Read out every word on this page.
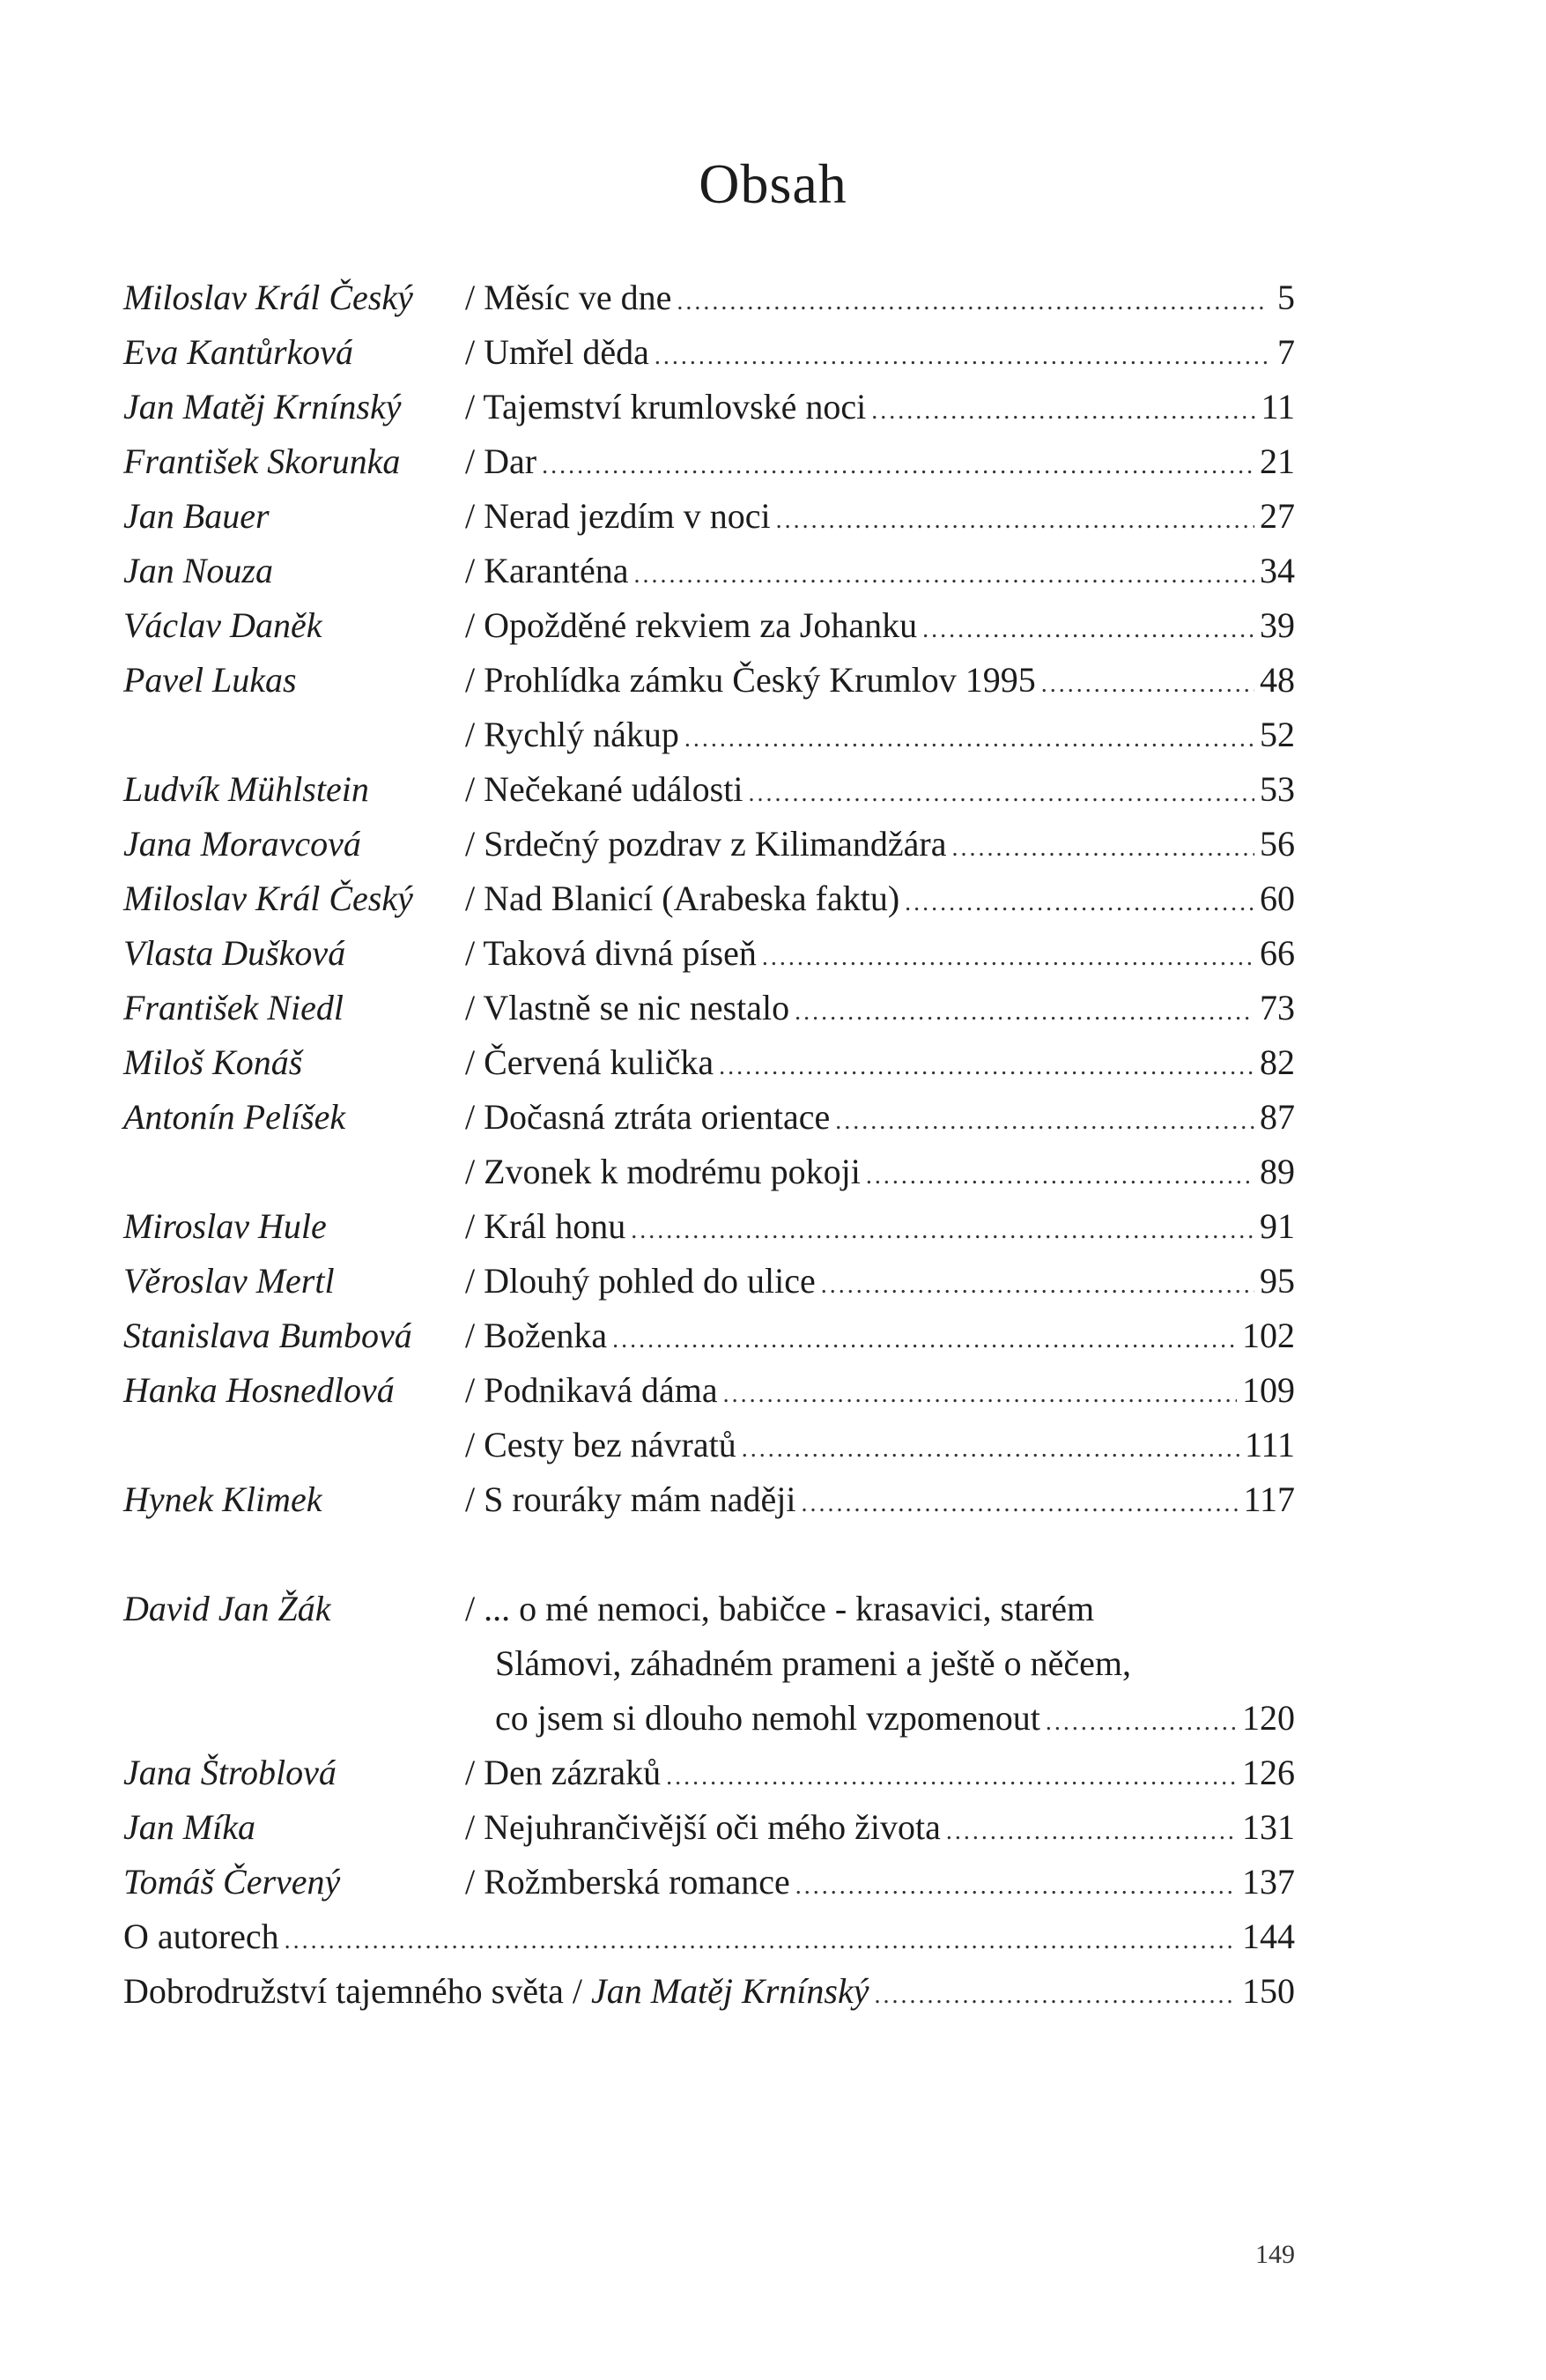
Obsah
Miloslav Král Český / Měsíc ve dne .....	5
Eva Kantůrková	/ Umřel děda .....	7
Jan Matěj Krnínský / Tajemství krumlovské noci .....	11
František Skorunka / Dar .....	21
Jan Bauer	/ Nerad jezdím v noci .....	27
Jan Nouza	/ Karanténa .....	34
Václav Daněk	/ Opožděné rekviem za Johanku .....	39
Pavel Lukas	/ Prohlídka zámku Český Krumlov 1995 .....	48
/ Rychlý nákup .....	52
Ludvík Mühlstein	/ Nečekané události .....	53
Jana Moravcová	/ Srdečný pozdrav z Kilimandžára .....	56
Miloslav Král Český / Nad Blanicí (Arabeska faktu) .....	60
Vlasta Dušková	/ Taková divná píseň .....	66
František Niedl	/ Vlastně se nic nestalo .....	73
Miloš Konáš	/ Červená kulička .....	82
Antonín Pelíšek	/ Dočasná ztráta orientace .....	87
/ Zvonek k modrému pokoji .....	89
Miroslav Hule	/ Král honu .....	91
Věroslav Mertl	/ Dlouhý pohled do ulice .....	95
Stanislava Bumbová / Boženka .....	102
Hanka Hosnedlová / Podnikavá dáma .....	109
/ Cesty bez návratů .....	111
Hynek Klimek	/ S rouráky mám naději .....	117
David Jan Žák	/ ... o mé nemoci, babičce - krasavici, starém
Slámovi, záhadném prameni a ještě o něčem,
co jsem si dlouho nemohl vzpomenout .....	120
Jana Štroblová	/ Den zázraků .....	126
Jan Míka	/ Nejuhrančivější oči mého života .....	131
Tomáš Červený	/ Rožmberská romance .....	137
O autorech .....	144
Dobrodružství tajemného světa / Jan Matěj Krnínský .....	150
149
